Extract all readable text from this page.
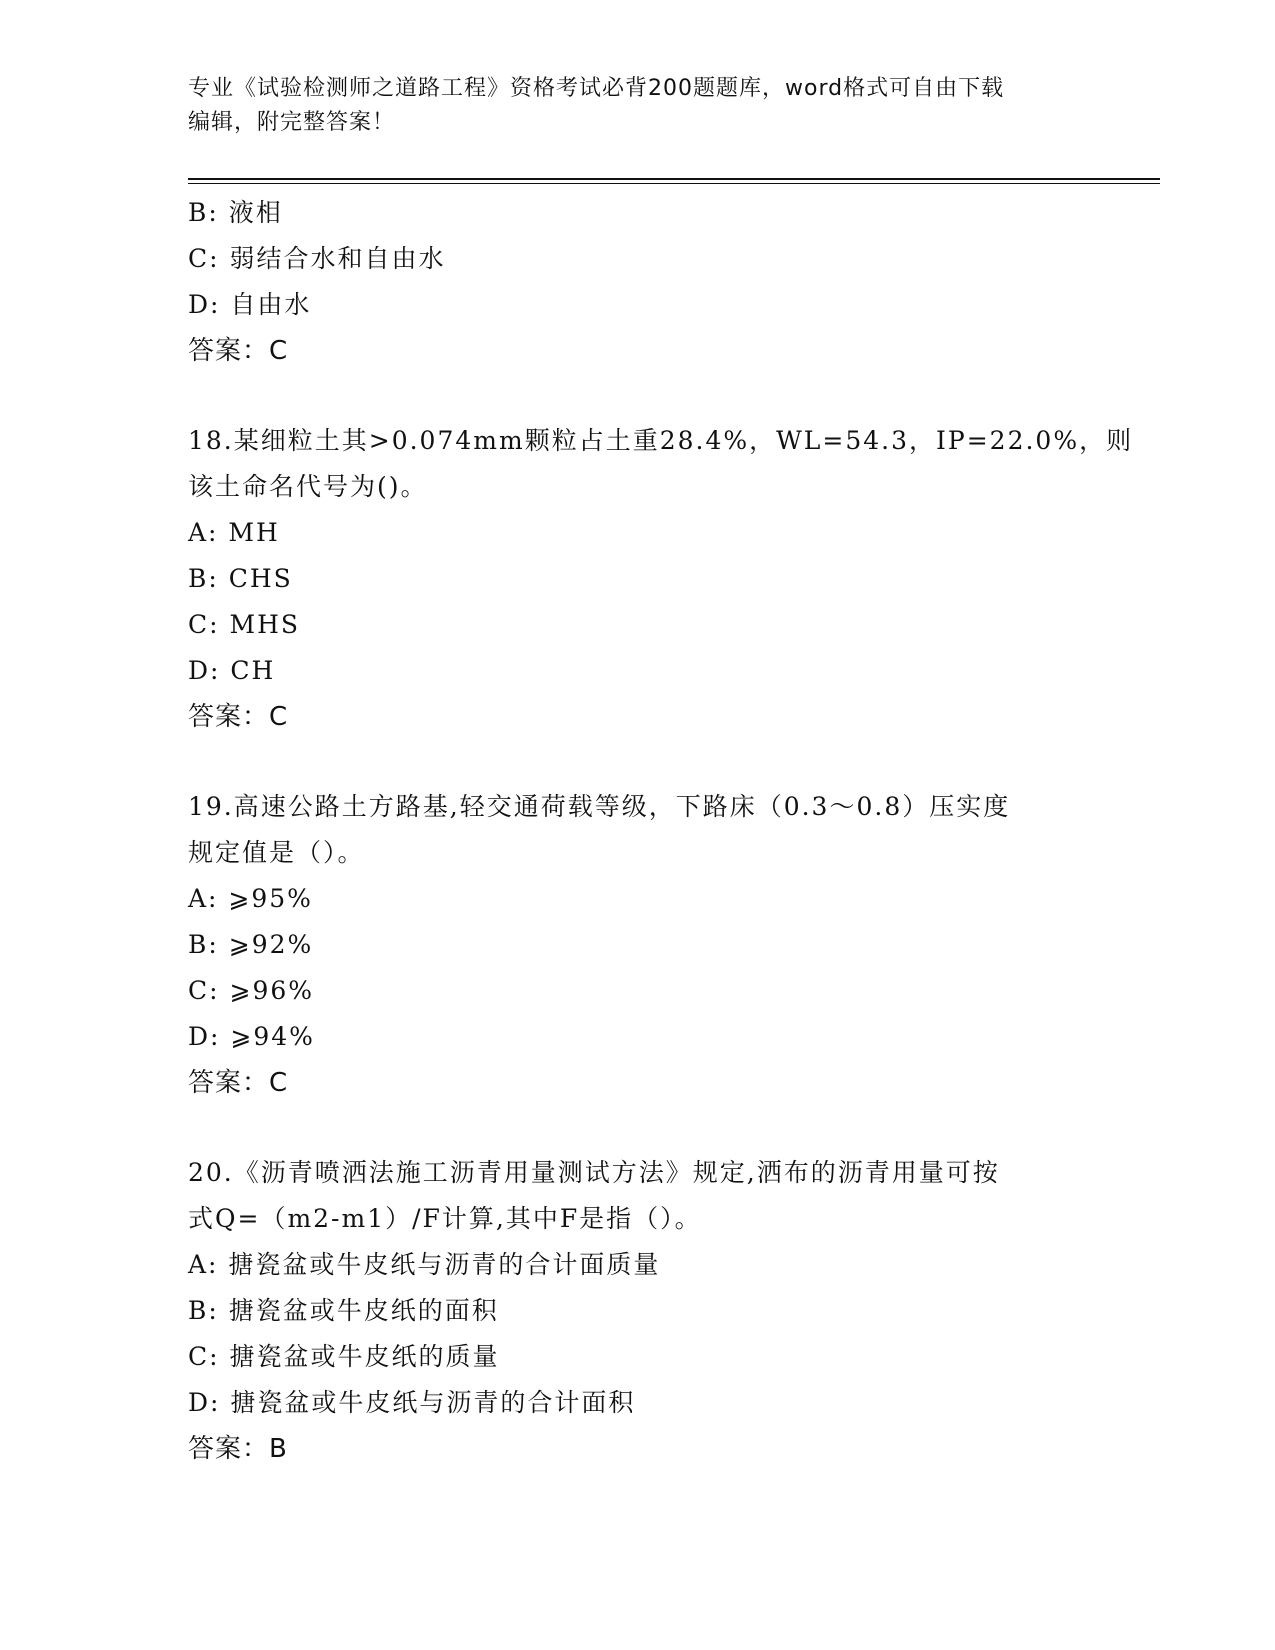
专业《试验检测师之道路工程》资格考试必背200题题库，word格式可自由下载
编辑，附完整答案！
B: 液相
C: 弱结合水和自由水
D: 自由水
答案：C
18.某细粒土其>0.074mm颗粒占土重28.4%，WL=54.3，IP=22.0%，则
该土命名代号为()。
A: MH
B: CHS
C: MHS
D: CH
答案：C
19.高速公路土方路基,轻交通荷载等级，下路床（0.3～0.8）压实度
规定值是（）。
A: ⩾95%
B: ⩾92%
C: ⩾96%
D: ⩾94%
答案：C
20.《沥青喷洒法施工沥青用量测试方法》规定,洒布的沥青用量可按
式Q=（m2-m1）/F计算,其中F是指（）。
A: 搪瓷盆或牛皮纸与沥青的合计面质量
B: 搪瓷盆或牛皮纸的面积
C: 搪瓷盆或牛皮纸的质量
D: 搪瓷盆或牛皮纸与沥青的合计面积
答案：B
